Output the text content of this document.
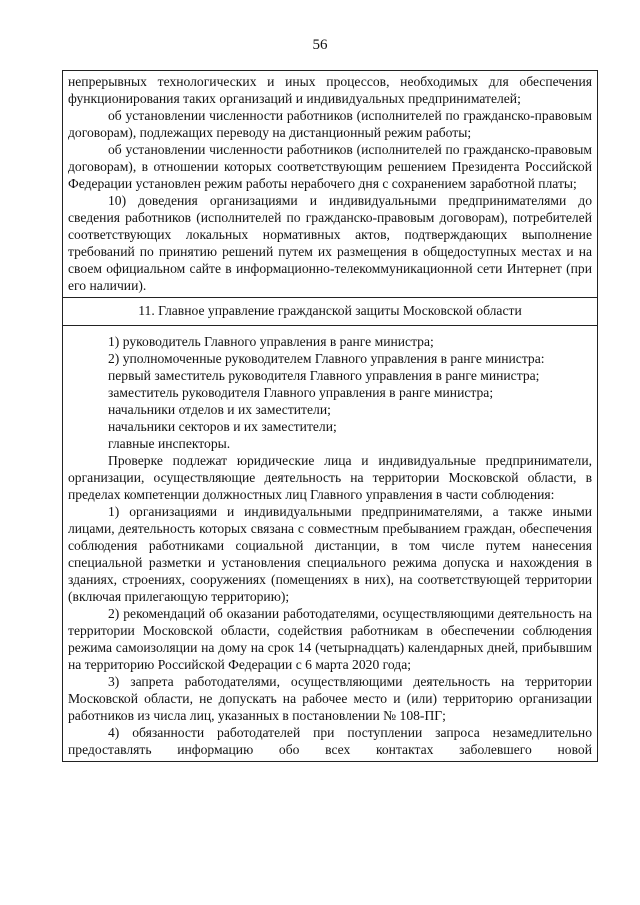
56

непрерывных технологических и иных процессов, необходимых для обеспечения функционирования таких организаций и индивидуальных предпринимателей;

об установлении численности работников (исполнителей по гражданско-правовым договорам), подлежащих переводу на дистанционный режим работы;

об установлении численности работников (исполнителей по гражданско-правовым договорам), в отношении которых соответствующим решением Президента Российской Федерации установлен режим работы нерабочего дня с сохранением заработной платы;

10) доведения организациями и индивидуальными предпринимателями до сведения работников (исполнителей по гражданско-правовым договорам), потребителей соответствующих локальных нормативных актов, подтверждающих выполнение требований по принятию решений путем их размещения в общедоступных местах и на своем официальном сайте в информационно-телекоммуникационной сети Интернет (при его наличии).

11. Главное управление гражданской защиты Московской области

1) руководитель Главного управления в ранге министра;

2) уполномоченные руководителем Главного управления в ранге министра:

первый заместитель руководителя Главного управления в ранге министра;

заместитель руководителя Главного управления в ранге министра;

начальники отделов и их заместители;

начальники секторов и их заместители;

главные инспекторы.

Проверке подлежат юридические лица и индивидуальные предприниматели, организации, осуществляющие деятельность на территории Московской области, в пределах компетенции должностных лиц Главного управления в части соблюдения:

1) организациями и индивидуальными предпринимателями, а также иными лицами, деятельность которых связана с совместным пребыванием граждан, обеспечения соблюдения работниками социальной дистанции, в том числе путем нанесения специальной разметки и установления специального режима допуска и нахождения в зданиях, строениях, сооружениях (помещениях в них), на соответствующей территории (включая прилегающую территорию);

2) рекомендаций об оказании работодателями, осуществляющими деятельность на территории Московской области, содействия работникам в обеспечении соблюдения режима самоизоляции на дому на срок 14 (четырнадцать) календарных дней, прибывшим на территорию Российской Федерации с 6 марта 2020 года;

3) запрета работодателями, осуществляющими деятельность на территории Московской области, не допускать на рабочее место и (или) территорию организации работников из числа лиц, указанных в постановлении № 108-ПГ;

4) обязанности работодателей при поступлении запроса незамедлительно предоставлять информацию обо всех контактах заболевшего новой
